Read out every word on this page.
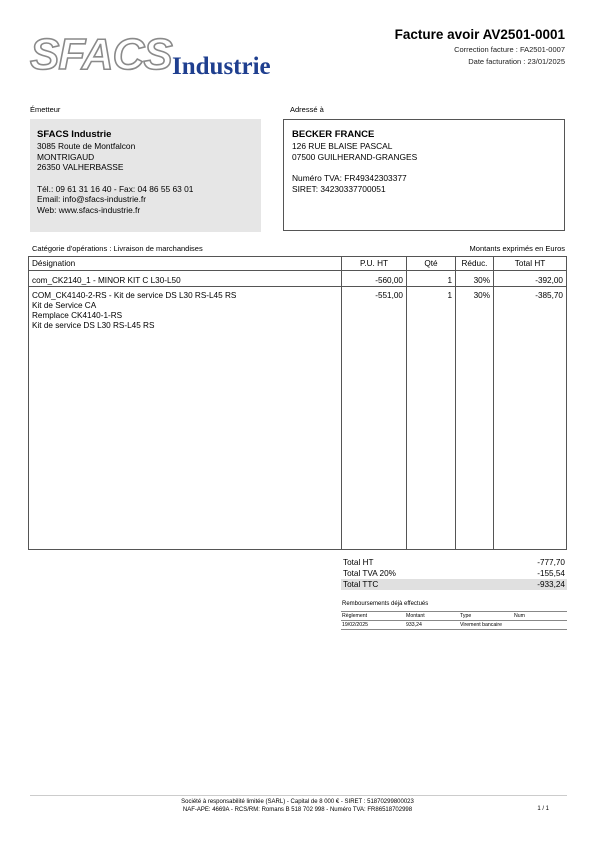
SFACS Industrie
Facture avoir AV2501-0001
Correction facture : FA2501-0007
Date facturation : 23/01/2025
Émetteur
SFACS Industrie
3085 Route de Montfalcon
MONTRIGAUD
26350 VALHERBASSE
Tél.: 09 61 31 16 40 - Fax: 04 86 55 63 01
Email: info@sfacs-industrie.fr
Web: www.sfacs-industrie.fr
Adressé à
BECKER FRANCE
126 RUE BLAISE PASCAL
07500 GUILHERAND-GRANGES
Numéro TVA: FR49342303377
SIRET: 34230337700051
Catégorie d'opérations : Livraison de marchandises	Montants exprimés en Euros
Désignation	P.U. HT	Qté	Réduc.	Total HT

com_CK2140_1 - MINOR KIT C L30-L50	-560,00	1	30%	-392,00

COM_CK4140-2-RS - Kit de service DS L30 RS-L45 RS
Kit de Service CA
Remplace CK4140-1-RS
Kit de service DS L30 RS-L45 RS	-551,00	1	30%	-385,70
Total HT	-777,70
Total TVA 20%	-155,54
Total TTC	-933,24
Remboursements déjà effectués
Règlement	Montant	Type	Num
19/02/2025	933,24	Virement bancaire	
Société à responsabilité limitée (SARL) - Capital de 8 000 € - SIRET : 51870299800023
NAF-APE: 4669A - RCS/RM: Romans B 518 702 998 - Numéro TVA: FR86518702998	1 / 1
